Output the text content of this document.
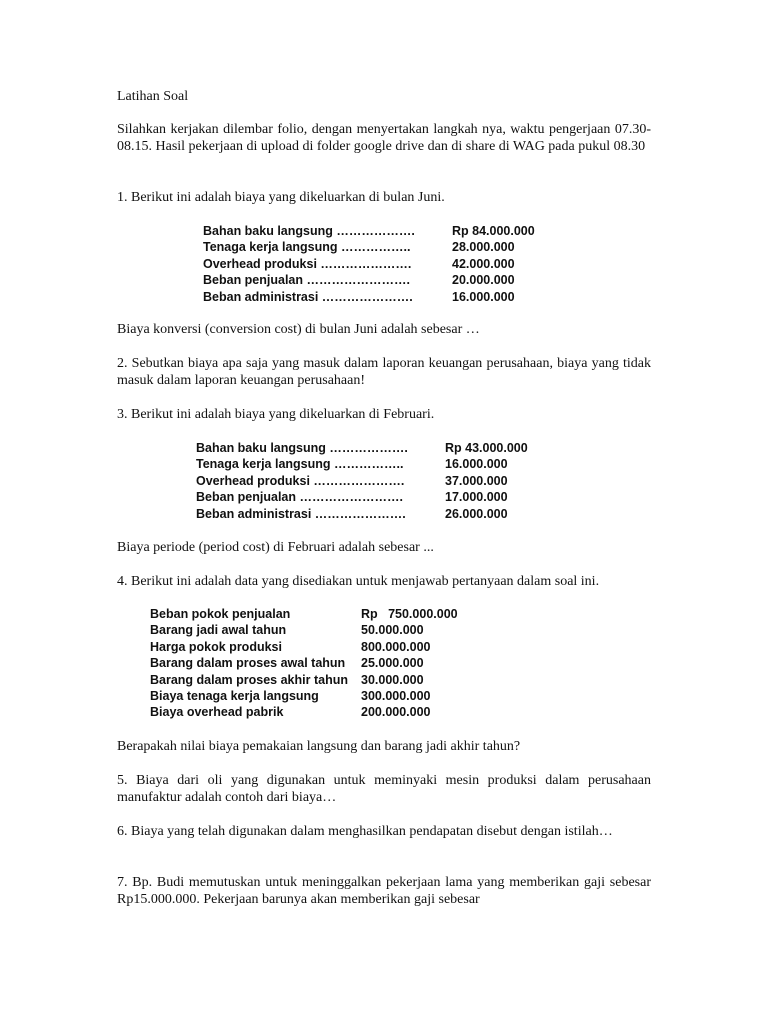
Latihan Soal
Silahkan kerjakan dilembar folio, dengan menyertakan langkah nya, waktu pengerjaan 07.30-08.15. Hasil pekerjaan di upload di folder google drive dan di share di WAG pada pukul 08.30
1. Berikut ini adalah biaya yang dikeluarkan di bulan Juni.
Bahan baku langsung ……………….	Rp 84.000.000
Tenaga kerja langsung ……………..	28.000.000
Overhead produksi ………………….	42.000.000
Beban penjualan …………………….	20.000.000
Beban administrasi ………………….	16.000.000
Biaya konversi (conversion cost) di bulan Juni adalah sebesar …
2. Sebutkan biaya apa saja yang masuk dalam laporan keuangan perusahaan, biaya yang tidak masuk dalam laporan keuangan perusahaan!
3. Berikut ini adalah biaya yang dikeluarkan di Februari.
Bahan baku langsung ……………….	Rp 43.000.000
Tenaga kerja langsung ……………..	16.000.000
Overhead produksi ………………….	37.000.000
Beban penjualan …………………….	17.000.000
Beban administrasi ………………….	26.000.000
Biaya periode (period cost) di Februari adalah sebesar ...
4. Berikut ini adalah data yang disediakan untuk menjawab pertanyaan dalam soal ini.
Beban pokok penjualan	Rp   750.000.000
Barang jadi awal tahun	50.000.000
Harga pokok produksi	800.000.000
Barang dalam proses awal tahun 25.000.000
Barang dalam proses akhir tahun 30.000.000
Biaya tenaga kerja langsung	300.000.000
Biaya overhead pabrik	200.000.000
Berapakah nilai biaya pemakaian langsung dan barang jadi akhir tahun?
5. Biaya dari oli yang digunakan untuk meminyaki mesin produksi dalam perusahaan manufaktur adalah contoh dari biaya…
6. Biaya yang telah digunakan dalam menghasilkan pendapatan disebut dengan istilah…
7. Bp. Budi memutuskan untuk meninggalkan pekerjaan lama yang memberikan gaji sebesar Rp15.000.000. Pekerjaan barunya akan memberikan gaji sebesar
